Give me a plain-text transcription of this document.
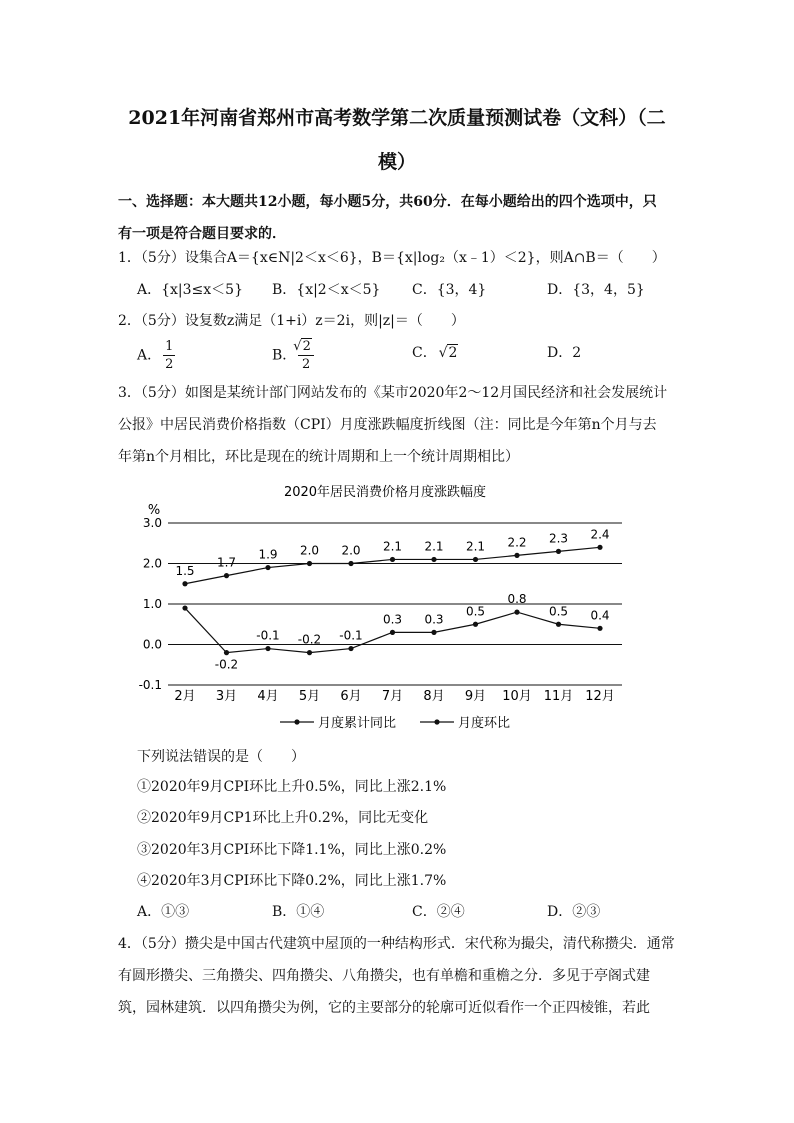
2021年河南省郑州市高考数学第二次质量预测试卷（文科）（二
模）
一、选择题：本大题共12小题，每小题5分，共60分．在每小题给出的四个选项中，只
有一项是符合题目要求的．
1．（5分）设集合A＝{x∈N|2＜x＜6}，B＝{x|log₂（x﹣1）＜2}，则A∩B＝（　　）
A．{x|3≤x＜5} B．{x|2＜x＜5} C．{3，4}	D．{3，4，5}
2．（5分）设复数z满足（1+i）z＝2i，则|z|＝（　　）
A． $\frac{1}{2}$	B． √ $\frac{2}{2}$	C． √ 2	D．2
3．（5分）如图是某统计部门网站发布的《某市2020年2～12月国民经济和社会发展统计
公报》中居民消费价格指数（CPI）月度涨跌幅度折线图（注：同比是今年第n个月与去
年第n个月相比，环比是现在的统计周期和上一个统计周期相比）
2020年居民消费价格月度涨跌幅度
%
3.0
2.0
1.0
0.0
-0.1
2月 3月 4月 5月 6月 7月 8月 9月 10月 11月 12月
1.5
1.7
1.9 2.0 2.0 2.1 2.1 2.1 2.2 2.3 2.4
-0.2
-0.1 -0.2 -0.1
0.3 0.3
0.5
0.8
0.5 0.4
月度累计同比	月度环比
下列说法错误的是（　　）
①2020年9月CPI环比上升0.5%，同比上涨2.1%
②2020年9月CP1环比上升0.2%，同比无变化
③2020年3月CPI环比下降1.1%，同比上涨0.2%
④2020年3月CPI环比下降0.2%，同比上涨1.7%
A．①③	B．①④	C．②④	D．②③
4．（5分）攒尖是中国古代建筑中屋顶的一种结构形式．宋代称为撮尖，清代称攒尖．通常
有圆形攒尖、三角攒尖、四角攒尖、八角攒尖，也有单檐和重檐之分．多见于亭阁式建
筑，园林建筑．以四角攒尖为例，它的主要部分的轮廓可近似看作一个正四棱锥，若此
